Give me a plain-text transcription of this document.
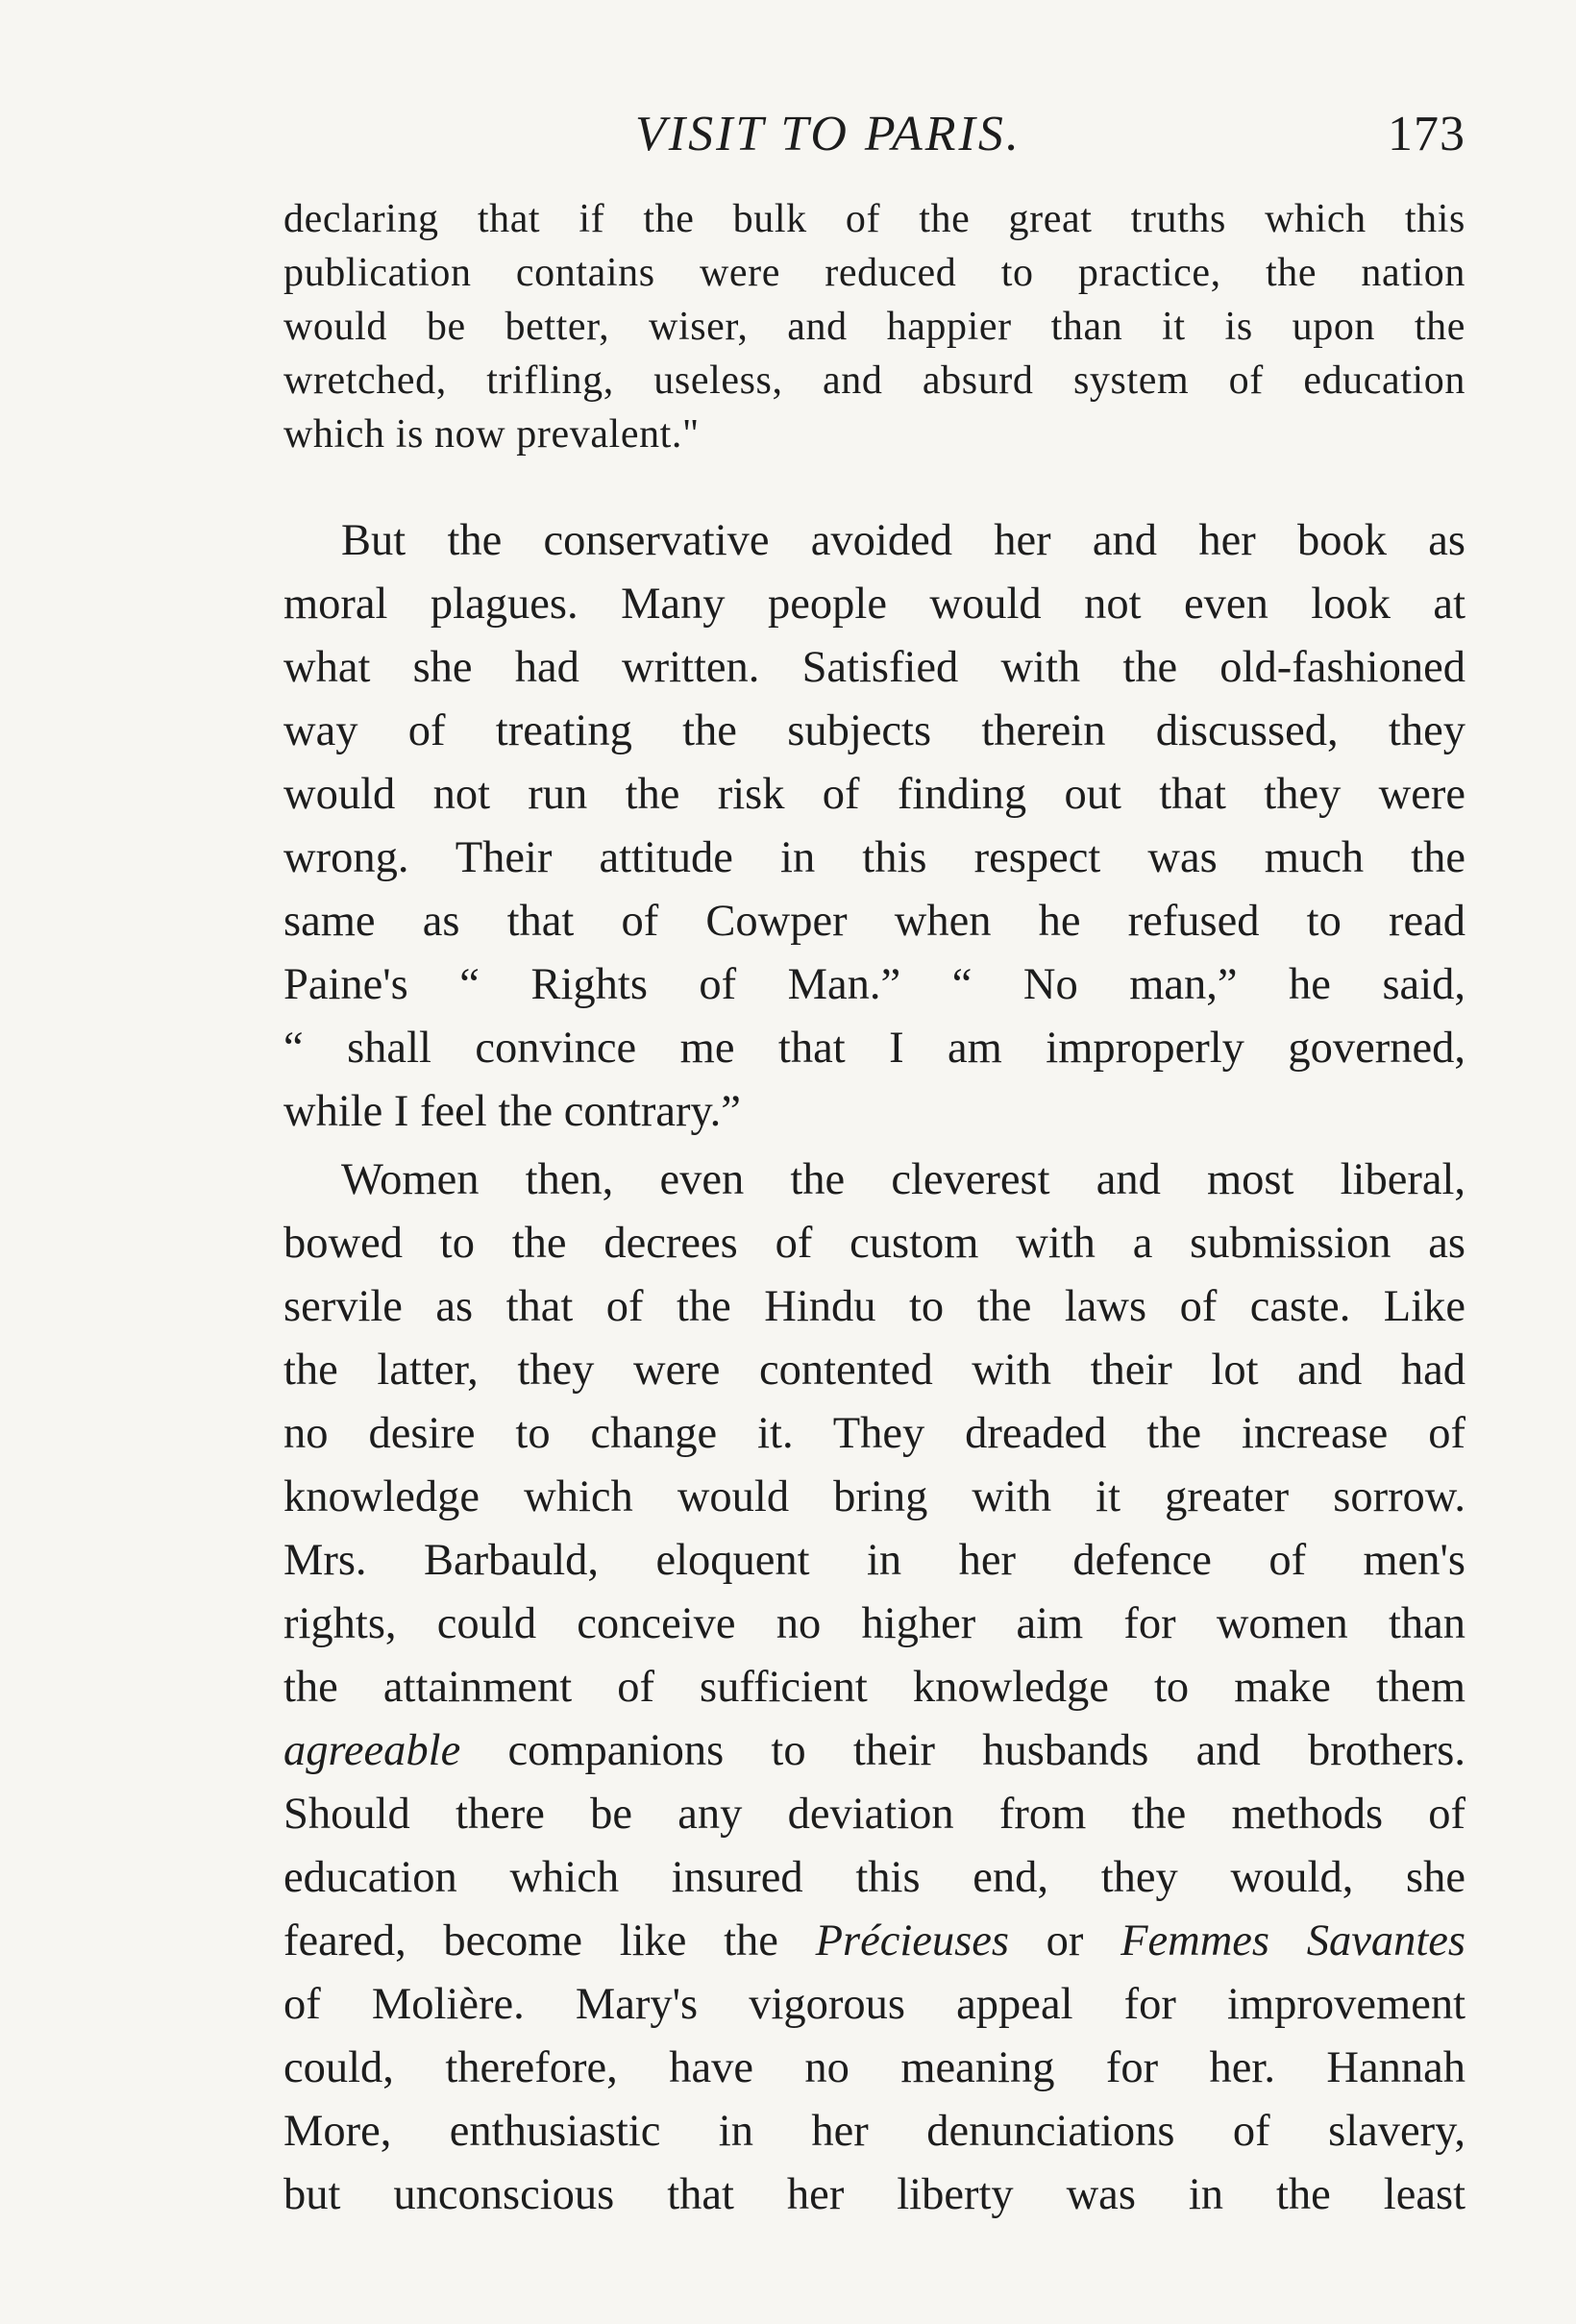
VISIT TO PARIS.	173
declaring that if the bulk of the great truths which this
publication contains were reduced to practice, the nation
would be better, wiser, and happier than it is upon the
wretched, trifling, useless, and absurd system of education
which is now prevalent."
But the conservative avoided her and her book as
moral plagues. Many people would not even look at
what she had written. Satisfied with the old-fashioned
way of treating the subjects therein discussed, they
would not run the risk of finding out that they were
wrong. Their attitude in this respect was much the
same as that of Cowper when he refused to read
Paine's “ Rights of Man.” “ No man,” he said,
“ shall convince me that I am improperly governed,
while I feel the contrary.”
Women then, even the cleverest and most liberal,
bowed to the decrees of custom with a submission as
servile as that of the Hindu to the laws of caste. Like
the latter, they were contented with their lot and had
no desire to change it. They dreaded the increase of
knowledge which would bring with it greater sorrow.
Mrs. Barbauld, eloquent in her defence of men's
rights, could conceive no higher aim for women than
the attainment of sufficient knowledge to make them
agreeable companions to their husbands and brothers.
Should there be any deviation from the methods of
education which insured this end, they would, she
feared, become like the Précieuses or Femmes Savantes
of Molière. Mary's vigorous appeal for improvement
could, therefore, have no meaning for her. Hannah
More, enthusiastic in her denunciations of slavery,
but unconscious that her liberty was in the least
